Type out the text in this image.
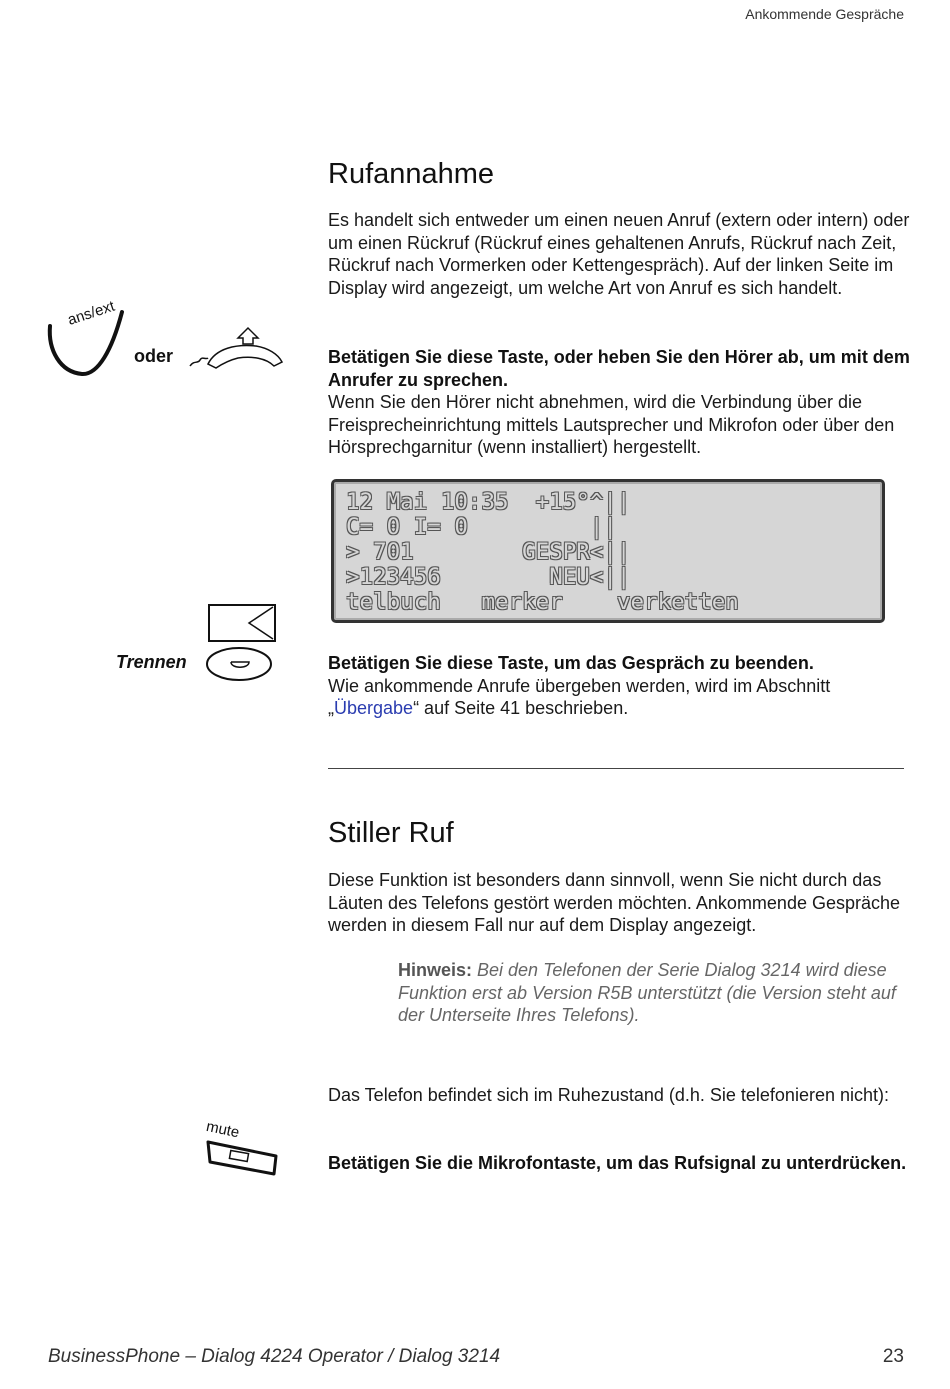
Ankommende Gespräche
Rufannahme
Es handelt sich entweder um einen neuen Anruf (extern oder intern) oder um einen Rückruf (Rückruf eines gehaltenen Anrufs, Rückruf nach Zeit, Rückruf nach Vormerken oder Kettengespräch). Auf der linken Seite im Display wird angezeigt, um welche Art von Anruf es sich handelt.
ans/ext
oder	Betätigen Sie diese Taste, oder heben Sie den Hörer ab, um mit dem Anrufer zu sprechen.
Wenn Sie den Hörer nicht abnehmen, wird die Verbindung über die Freisprecheinrichtung mittels Lautsprecher und Mikrofon oder über den Hörsprechgarnitur (wenn installiert) hergestellt.
12 Mai 10:35  +15°^||
C= 0 I= 0         ||
> 701        GESPR<||
>123456        NEU<||
telbuch   merker    verketten
Trennen	Betätigen Sie diese Taste, um das Gespräch zu beenden.
Wie ankommende Anrufe übergeben werden, wird im Abschnitt „Übergabe“ auf Seite 41 beschrieben.
Stiller Ruf
Diese Funktion ist besonders dann sinnvoll, wenn Sie nicht durch das Läuten des Telefons gestört werden möchten. Ankommende Gespräche werden in diesem Fall nur auf dem Display angezeigt.
Hinweis: Bei den Telefonen der Serie Dialog 3214 wird diese Funktion erst ab Version R5B unterstützt (die Version steht auf der Unterseite Ihres Telefons).
Das Telefon befindet sich im Ruhezustand (d.h. Sie telefonieren nicht):
mute
Betätigen Sie die Mikrofontaste, um das Rufsignal zu unterdrücken.
BusinessPhone – Dialog 4224 Operator / Dialog 3214	23
